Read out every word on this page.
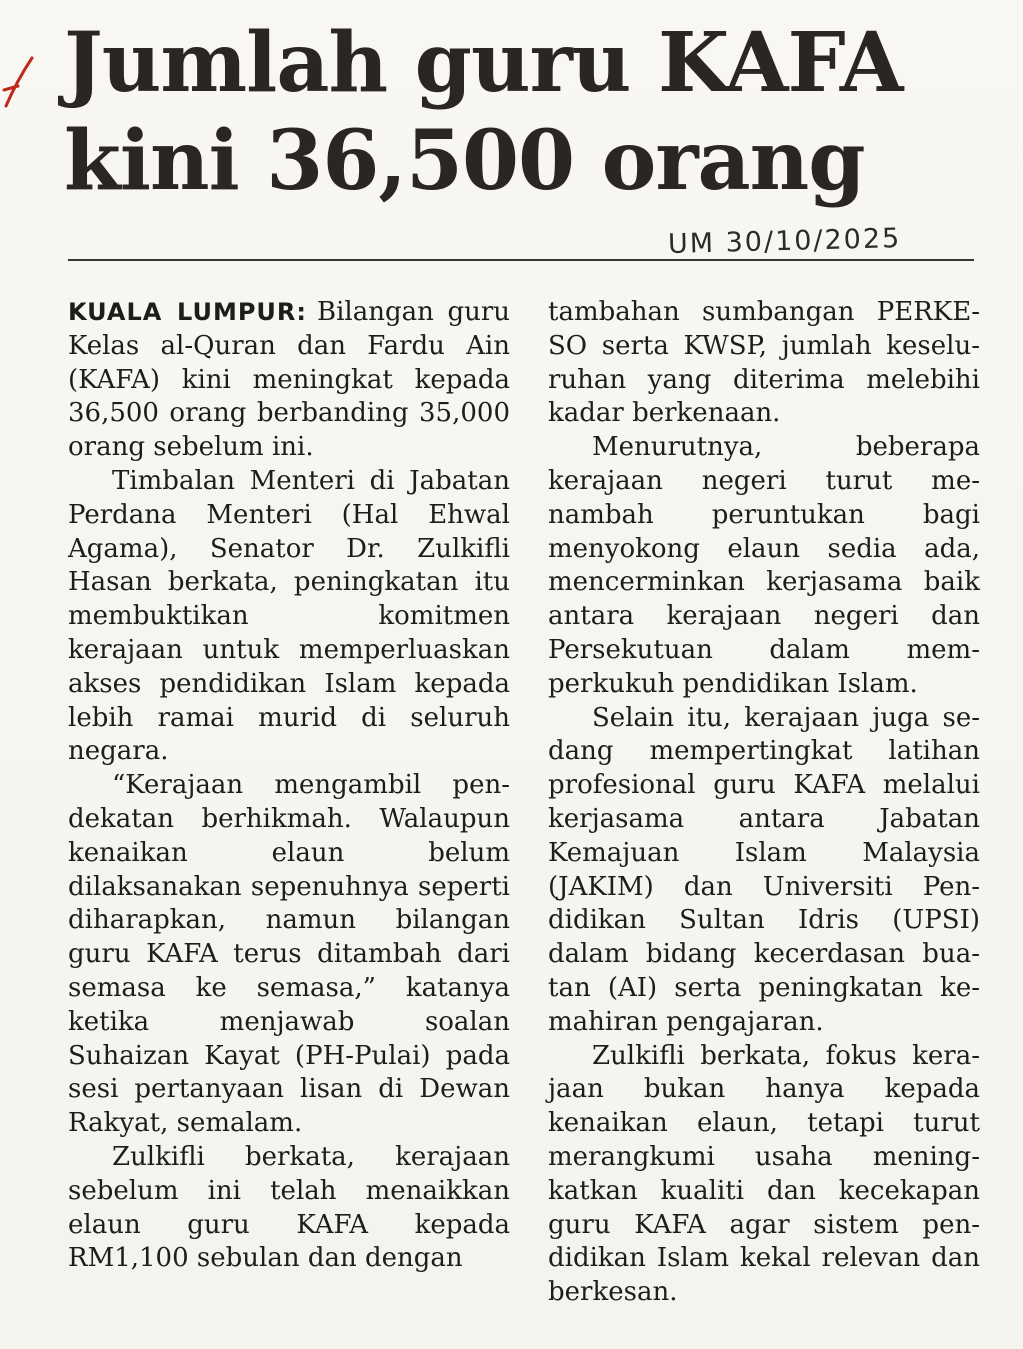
Jumlah guru KAFA
kini 36,500 orang
UM 30/10/2025

KUALA LUMPUR: Bilangan guru Kelas al-Quran dan Fardu Ain (KAFA) kini meningkat kepada 36,500 orang berbanding 35,000 orang sebelum ini.

Timbalan Menteri di Jabatan Perdana Menteri (Hal Ehwal Agama), Senator Dr. Zulkifli Hasan berkata, peningkatan itu membuktikan komitmen kerajaan untuk memperluaskan akses pendidikan Islam kepada lebih ramai murid di seluruh negara.

“Kerajaan mengambil pendekatan berhikmah. Walaupun kenaikan elaun belum dilaksanakan sepenuhnya seperti diharapkan, namun bilangan guru KAFA terus ditambah dari semasa ke semasa,” katanya ketika menjawab soalan Suhaizan Kayat (PH-Pulai) pada sesi pertanyaan lisan di Dewan Rakyat, semalam.

Zulkifli berkata, kerajaan sebelum ini telah menaikkan elaun guru KAFA kepada RM1,100 sebulan dan dengan

tambahan sumbangan PERKESO serta KWSP, jumlah keseluruhan yang diterima melebihi kadar berkenaan.

Menurutnya, beberapa kerajaan negeri turut menambah peruntukan bagi menyokong elaun sedia ada, mencerminkan kerjasama baik antara kerajaan negeri dan Persekutuan dalam memperkukuh pendidikan Islam.

Selain itu, kerajaan juga sedang mempertingkat latihan profesional guru KAFA melalui kerjasama antara Jabatan Kemajuan Islam Malaysia (JAKIM) dan Universiti Pendidikan Sultan Idris (UPSI) dalam bidang kecerdasan buatan (AI) serta peningkatan kemahiran pengajaran.

Zulkifli berkata, fokus kerajaan bukan hanya kepada kenaikan elaun, tetapi turut merangkumi usaha meningkatkan kualiti dan kecekapan guru KAFA agar sistem pendidikan Islam kekal relevan dan berkesan.
